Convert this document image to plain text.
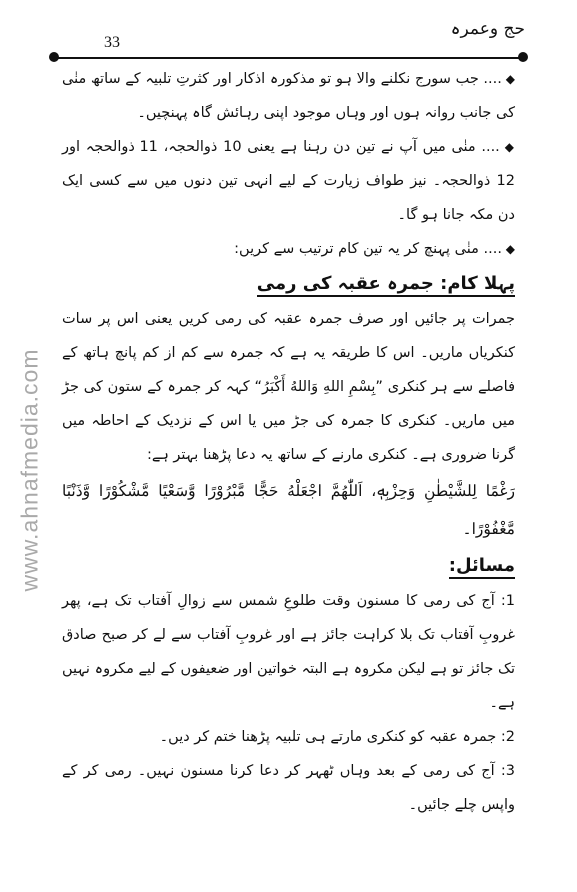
حج وعمرہ
33
www.ahnafmedia.com

◆ .... جب سورج نکلنے والا ہو تو مذکورہ اذکار اور کثرتِ تلبیہ کے ساتھ منٰی کی جانب روانہ ہوں اور وہاں موجود اپنی رہائش گاہ پہنچیں۔

◆ .... منٰی میں آپ نے تین دن رہنا ہے یعنی 10 ذوالحجہ، 11 ذوالحجہ اور 12 ذوالحجہ۔ نیز طواف زیارت کے لیے انہی تین دنوں میں سے کسی ایک دن مکہ جانا ہو گا۔

◆ .... منٰی پہنچ کر یہ تین کام ترتیب سے کریں:

پہلا کام: جمرہ عقبہ کی رمی

جمرات پر جائیں اور صرف جمرہ عقبہ کی رمی کریں یعنی اس پر سات کنکریاں ماریں۔ اس کا طریقہ یہ ہے کہ جمرہ سے کم از کم پانچ ہاتھ کے فاصلے سے ہر کنکری ”بِسْمِ اللهِ وَاللهُ أَكْبَرُ“ کہہ کر جمرہ کے ستون کی جڑ میں ماریں۔ کنکری کا جمرہ کی جڑ میں یا اس کے نزدیک کے احاطہ میں گرنا ضروری ہے۔ کنکری مارنے کے ساتھ یہ دعا پڑھنا بہتر ہے:

رَغْمًا لِلشَّيْطٰنِ وَحِزْبِهٖ، اَللّٰهُمَّ اجْعَلْهُ حَجًّا مَّبْرُوْرًا وَّسَعْيًا مَّشْكُوْرًا وَّذَنْبًا مَّغْفُوْرًا۔

مسائل:

1: آج کی رمی کا مسنون وقت طلوعِ شمس سے زوالِ آفتاب تک ہے، پھر غروبِ آفتاب تک بلا کراہت جائز ہے اور غروبِ آفتاب سے لے کر صبح صادق تک جائز تو ہے لیکن مکروہ ہے البتہ خواتین اور ضعیفوں کے لیے مکروہ نہیں ہے۔

2: جمرہ عقبہ کو کنکری مارتے ہی تلبیہ پڑھنا ختم کر دیں۔

3: آج کی رمی کے بعد وہاں ٹھہر کر دعا کرنا مسنون نہیں۔ رمی کر کے واپس چلے جائیں۔
